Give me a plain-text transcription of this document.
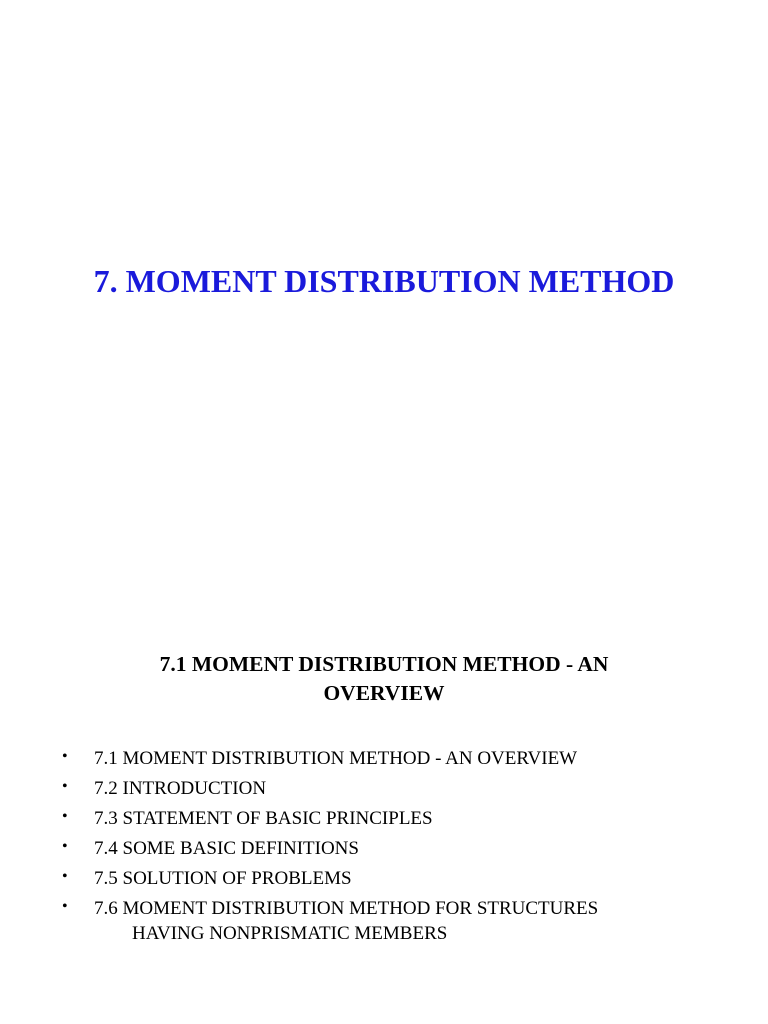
7. MOMENT DISTRIBUTION METHOD
7.1 MOMENT DISTRIBUTION METHOD - AN
OVERVIEW
• 7.1 MOMENT DISTRIBUTION METHOD - AN OVERVIEW
• 7.2 INTRODUCTION
• 7.3 STATEMENT OF BASIC PRINCIPLES
• 7.4 SOME BASIC DEFINITIONS
• 7.5 SOLUTION OF PROBLEMS
• 7.6 MOMENT DISTRIBUTION METHOD FOR STRUCTURES
HAVING NONPRISMATIC MEMBERS
